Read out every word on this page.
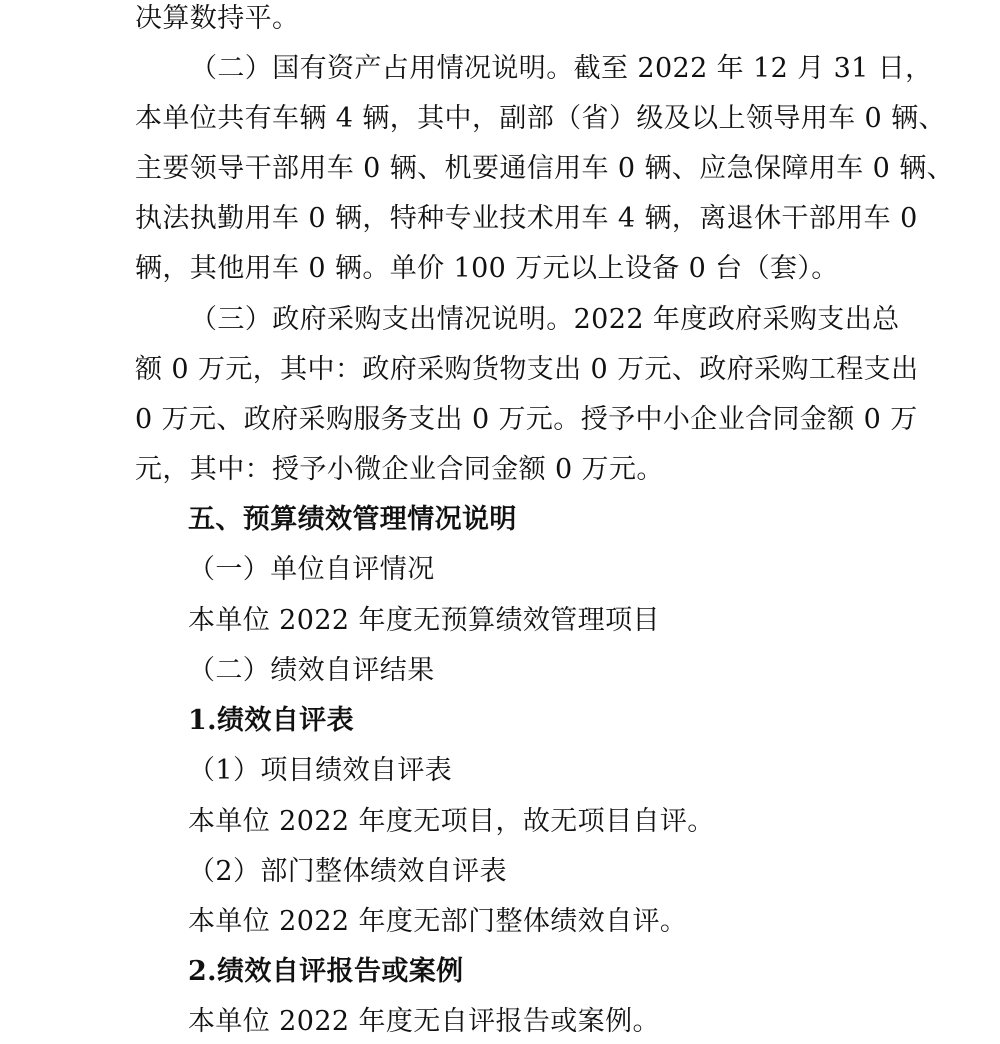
决算数持平。
（二）国有资产占用情况说明。截至 2022 年 12 月 31 日，
本单位共有车辆 4 辆，其中，副部（省）级及以上领导用车 0 辆、
主要领导干部用车 0 辆、机要通信用车 0 辆、应急保障用车 0 辆、
执法执勤用车 0 辆，特种专业技术用车 4 辆，离退休干部用车 0
辆，其他用车 0 辆。单价 100 万元以上设备 0 台（套）。
（三）政府采购支出情况说明。2022 年度政府采购支出总
额 0 万元，其中：政府采购货物支出 0 万元、政府采购工程支出
0 万元、政府采购服务支出 0 万元。授予中小企业合同金额 0 万
元，其中：授予小微企业合同金额 0 万元。
五、预算绩效管理情况说明
（一）单位自评情况
本单位 2022 年度无预算绩效管理项目
（二）绩效自评结果
1.绩效自评表
（1）项目绩效自评表
本单位 2022 年度无项目，故无项目自评。
（2）部门整体绩效自评表
本单位 2022 年度无部门整体绩效自评。
2.绩效自评报告或案例
本单位 2022 年度无自评报告或案例。
